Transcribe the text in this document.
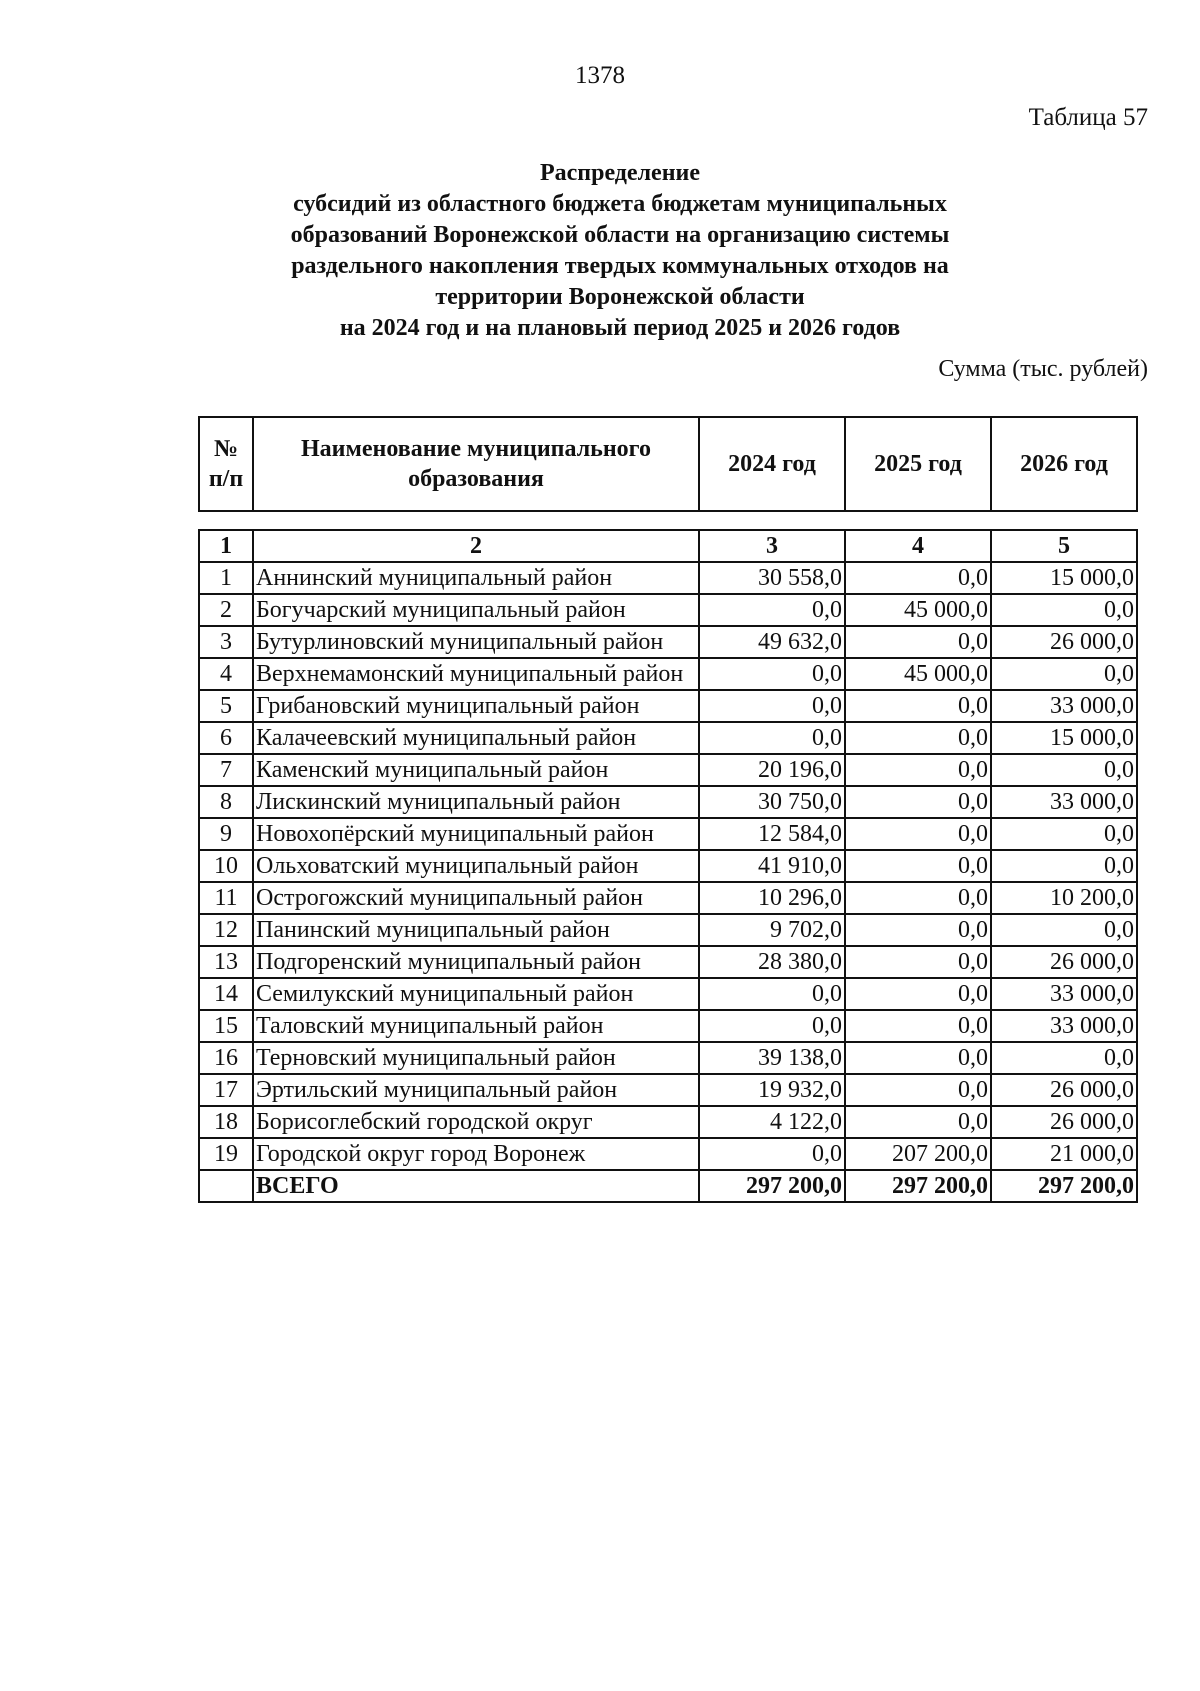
1378
Таблица 57
Распределение
субсидий из областного бюджета бюджетам муниципальных
образований Воронежской области на организацию системы
раздельного накопления твердых коммунальных отходов на
территории Воронежской области
на 2024 год и на плановый период 2025 и 2026 годов
Сумма (тыс. рублей)
№ п/п	Наименование муниципального образования	2024 год	2025 год	2026 год
1	2	3	4	5
1	Аннинский муниципальный район	30 558,0	0,0	15 000,0
2	Богучарский муниципальный район	0,0	45 000,0	0,0
3	Бутурлиновский муниципальный район	49 632,0	0,0	26 000,0
4	Верхнемамонский муниципальный район	0,0	45 000,0	0,0
5	Грибановский муниципальный район	0,0	0,0	33 000,0
6	Калачеевский муниципальный район	0,0	0,0	15 000,0
7	Каменский муниципальный район	20 196,0	0,0	0,0
8	Лискинский муниципальный район	30 750,0	0,0	33 000,0
9	Новохопёрский муниципальный район	12 584,0	0,0	0,0
10	Ольховатский муниципальный район	41 910,0	0,0	0,0
11	Острогожский муниципальный район	10 296,0	0,0	10 200,0
12	Панинский муниципальный район	9 702,0	0,0	0,0
13	Подгоренский муниципальный район	28 380,0	0,0	26 000,0
14	Семилукский муниципальный район	0,0	0,0	33 000,0
15	Таловский муниципальный район	0,0	0,0	33 000,0
16	Терновский муниципальный район	39 138,0	0,0	0,0
17	Эртильский муниципальный район	19 932,0	0,0	26 000,0
18	Борисоглебский городской округ	4 122,0	0,0	26 000,0
19	Городской округ город Воронеж	0,0	207 200,0	21 000,0
	ВСЕГО	297 200,0	297 200,0	297 200,0
